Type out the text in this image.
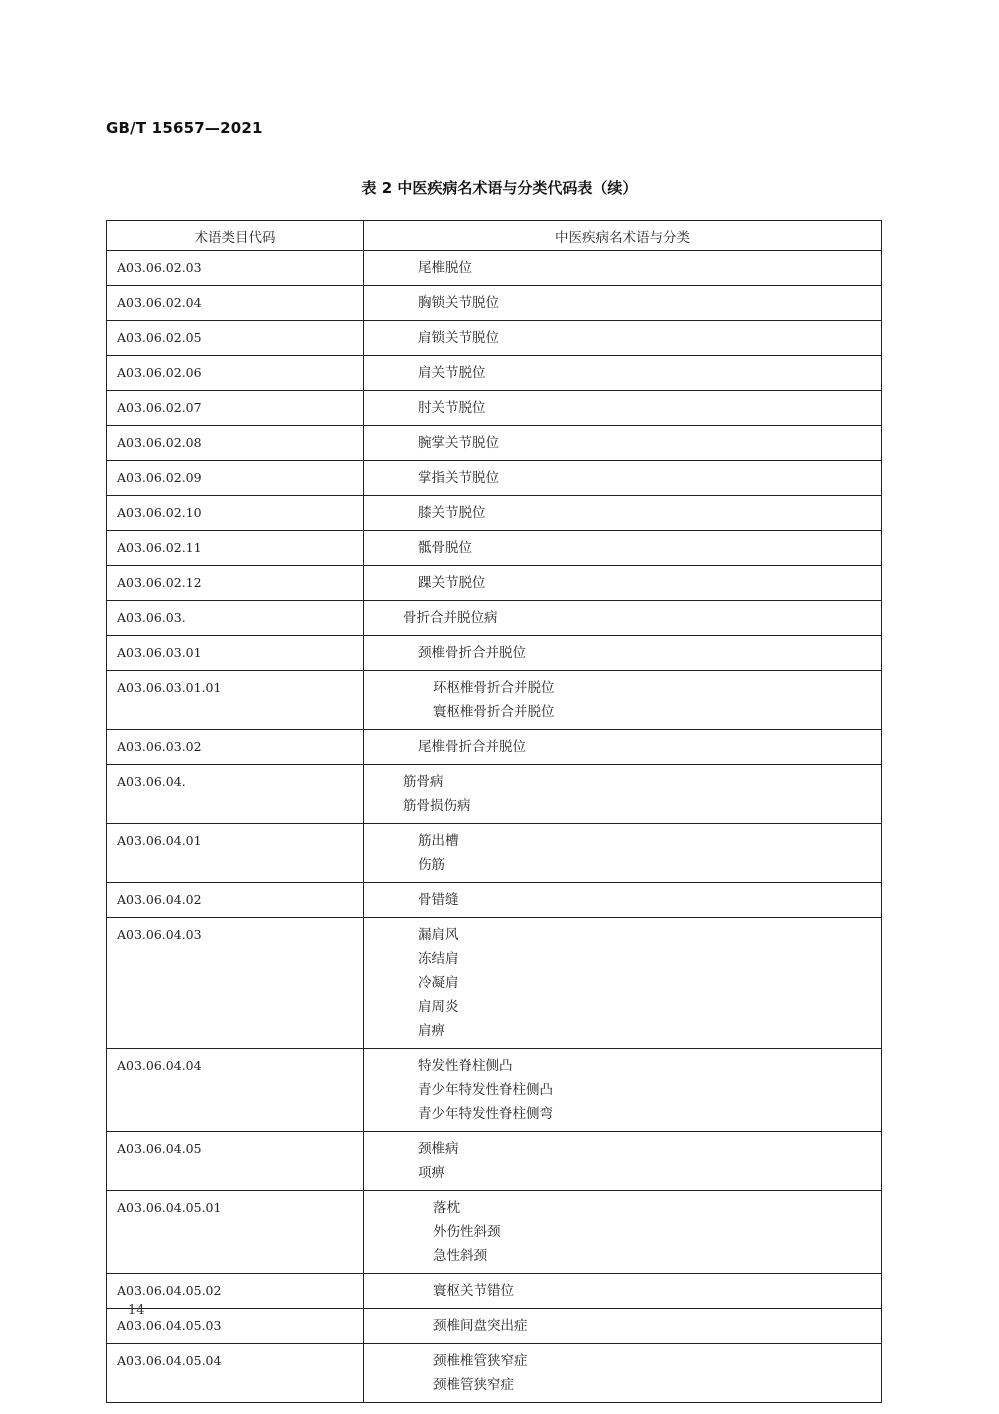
GB/T 15657—2021
表 2 中医疾病名术语与分类代码表（续）
术语类目代码	中医疾病名术语与分类
A03.06.02.03	尾椎脱位

A03.06.02.04	胸锁关节脱位

A03.06.02.05	肩锁关节脱位

A03.06.02.06	肩关节脱位

A03.06.02.07	肘关节脱位

A03.06.02.08	腕掌关节脱位

A03.06.02.09	掌指关节脱位

A03.06.02.10	膝关节脱位

A03.06.02.11	骶骨脱位

A03.06.02.12	踝关节脱位

A03.06.03.	骨折合并脱位病

A03.06.03.01	颈椎骨折合并脱位

A03.06.03.01.01	环枢椎骨折合并脱位
寰枢椎骨折合并脱位

A03.06.03.02	尾椎骨折合并脱位

A03.06.04.	筋骨病
筋骨损伤病

A03.06.04.01	筋出槽
伤筋

A03.06.04.02	骨错缝

A03.06.04.03	漏肩风
冻结肩
冷凝肩
肩周炎
肩痹

A03.06.04.04	特发性脊柱侧凸
青少年特发性脊柱侧凸
青少年特发性脊柱侧弯

A03.06.04.05	颈椎病
项痹

A03.06.04.05.01	落枕
外伤性斜颈
急性斜颈

A03.06.04.05.02	寰枢关节错位

A03.06.04.05.03	颈椎间盘突出症

A03.06.04.05.04	颈椎椎管狭窄症
颈椎管狭窄症
14
